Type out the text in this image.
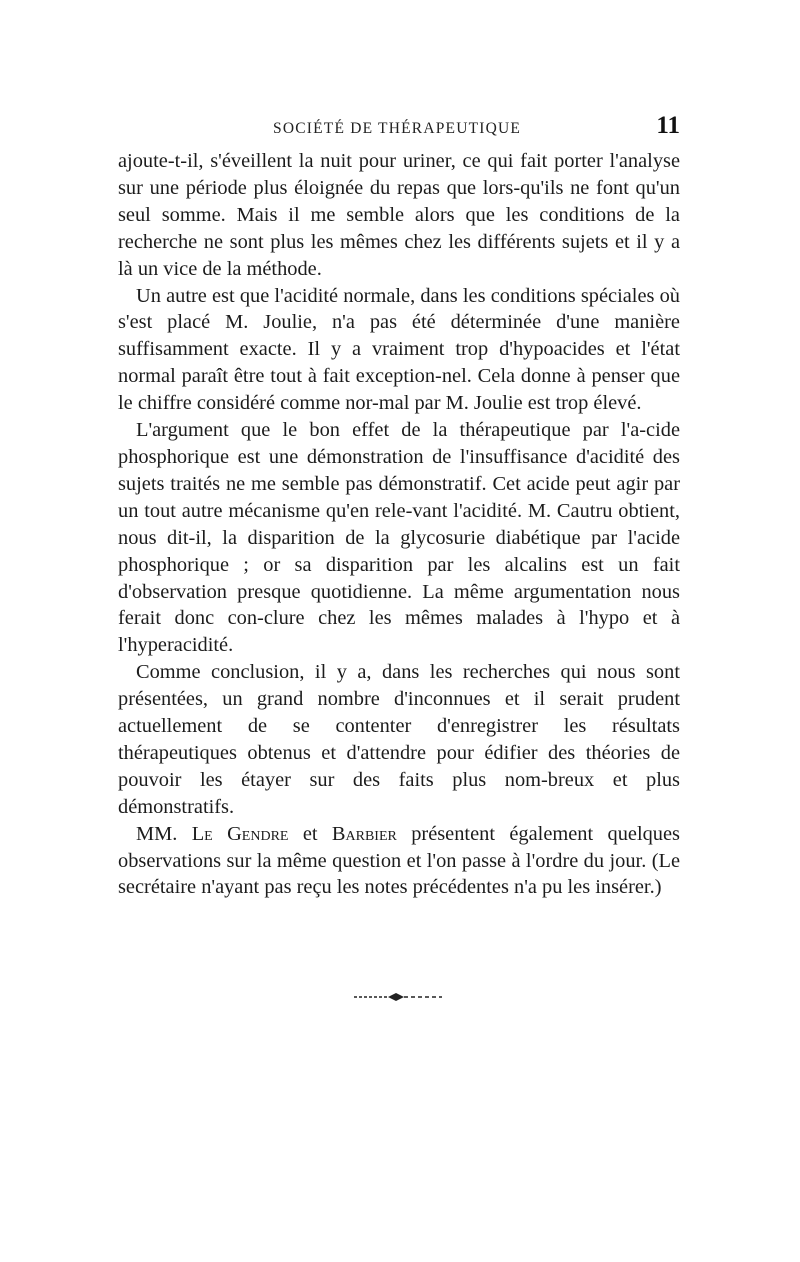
SOCIÉTÉ DE THÉRAPEUTIQUE	11

ajoute-t-il, s'éveillent la nuit pour uriner, ce qui fait porter l'analyse sur une période plus éloignée du repas que lors-qu'ils ne font qu'un seul somme. Mais il me semble alors que les conditions de la recherche ne sont plus les mêmes chez les différents sujets et il y a là un vice de la méthode.

Un autre est que l'acidité normale, dans les conditions spéciales où s'est placé M. Joulie, n'a pas été déterminée d'une manière suffisamment exacte. Il y a vraiment trop d'hypoacides et l'état normal paraît être tout à fait exception-nel. Cela donne à penser que le chiffre considéré comme nor-mal par M. Joulie est trop élevé.

L'argument que le bon effet de la thérapeutique par l'a-cide phosphorique est une démonstration de l'insuffisance d'acidité des sujets traités ne me semble pas démonstratif. Cet acide peut agir par un tout autre mécanisme qu'en rele-vant l'acidité. M. Cautru obtient, nous dit-il, la disparition de la glycosurie diabétique par l'acide phosphorique ; or sa disparition par les alcalins est un fait d'observation presque quotidienne. La même argumentation nous ferait donc con-clure chez les mêmes malades à l'hypo et à l'hyperacidité.

Comme conclusion, il y a, dans les recherches qui nous sont présentées, un grand nombre d'inconnues et il serait prudent actuellement de se contenter d'enregistrer les résultats thérapeutiques obtenus et d'attendre pour édifier des théories de pouvoir les étayer sur des faits plus nom-breux et plus démonstratifs.

MM. Le Gendre et Barbier présentent également quelques observations sur la même question et l'on passe à l'ordre du jour. (Le secrétaire n'ayant pas reçu les notes précédentes n'a pu les insérer.)
